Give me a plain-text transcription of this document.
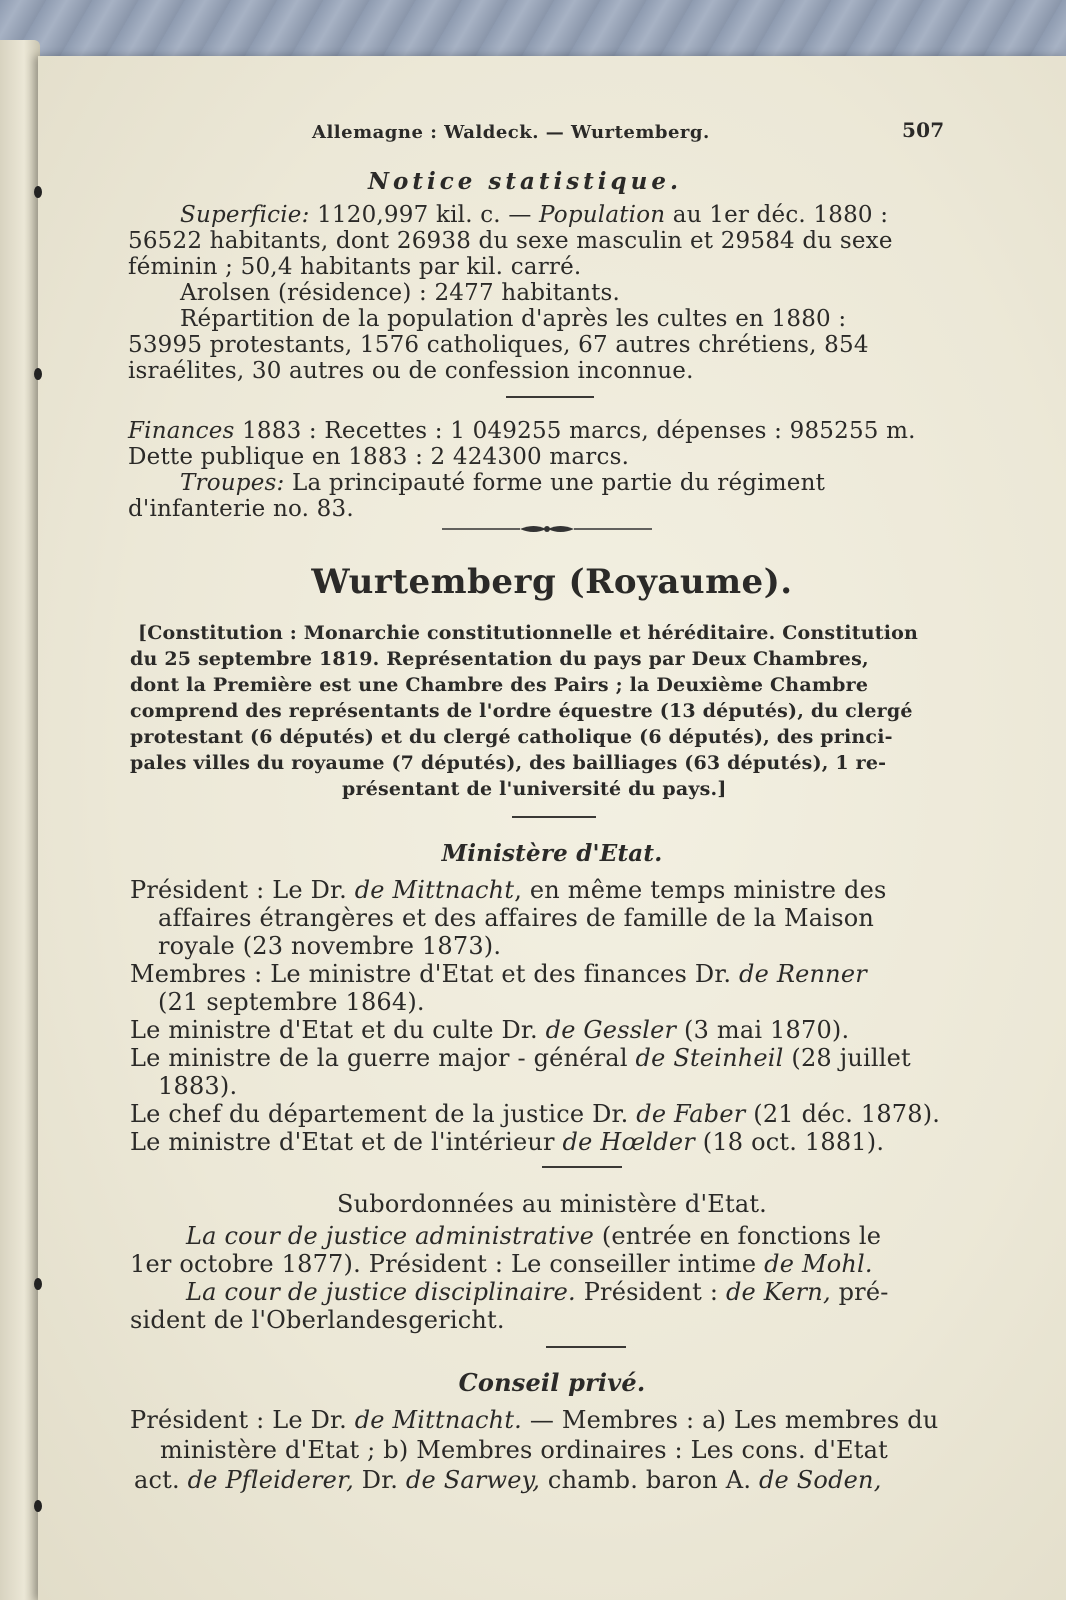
Allemagne : Waldeck. — Wurtemberg.	507
Notice statistique.
Superficie: 1120,997 kil. c. — Population au 1er déc. 1880 :
56522 habitants, dont 26938 du sexe masculin et 29584 du sexe
féminin ; 50,4 habitants par kil. carré.
Arolsen (résidence) : 2477 habitants.
Répartition de la population d'après les cultes en 1880 :
53995 protestants, 1576 catholiques, 67 autres chrétiens, 854
israélites, 30 autres ou de confession inconnue.
Finances 1883 : Recettes : 1 049255 marcs, dépenses : 985255 m.
Dette publique en 1883 : 2 424300 marcs.
Troupes: La principauté forme une partie du régiment
d'infanterie no. 83.
Wurtemberg (Royaume).
[Constitution : Monarchie constitutionnelle et héréditaire. Constitution
du 25 septembre 1819. Représentation du pays par Deux Chambres,
dont la Première est une Chambre des Pairs ; la Deuxième Chambre
comprend des représentants de l'ordre équestre (13 députés), du clergé
protestant (6 députés) et du clergé catholique (6 députés), des princi-
pales villes du royaume (7 députés), des bailliages (63 députés), 1 re-
présentant de l'université du pays.]
Ministère d'Etat.
Président : Le Dr. de Mittnacht, en même temps ministre des
affaires étrangères et des affaires de famille de la Maison
royale (23 novembre 1873).
Membres : Le ministre d'Etat et des finances Dr. de Renner
(21 septembre 1864).
Le ministre d'Etat et du culte Dr. de Gessler (3 mai 1870).
Le ministre de la guerre major - général de Steinheil (28 juillet
1883).
Le chef du département de la justice Dr. de Faber (21 déc. 1878).
Le ministre d'Etat et de l'intérieur de Hœlder (18 oct. 1881).
Subordonnées au ministère d'Etat.
La cour de justice administrative (entrée en fonctions le
1er octobre 1877). Président : Le conseiller intime de Mohl.
La cour de justice disciplinaire. Président : de Kern, pré-
sident de l'Oberlandesgericht.
Conseil privé.
Président : Le Dr. de Mittnacht. — Membres : a) Les membres du
ministère d'Etat ; b) Membres ordinaires : Les cons. d'Etat
act. de Pfleiderer, Dr. de Sarwey, chamb. baron A. de Soden,
